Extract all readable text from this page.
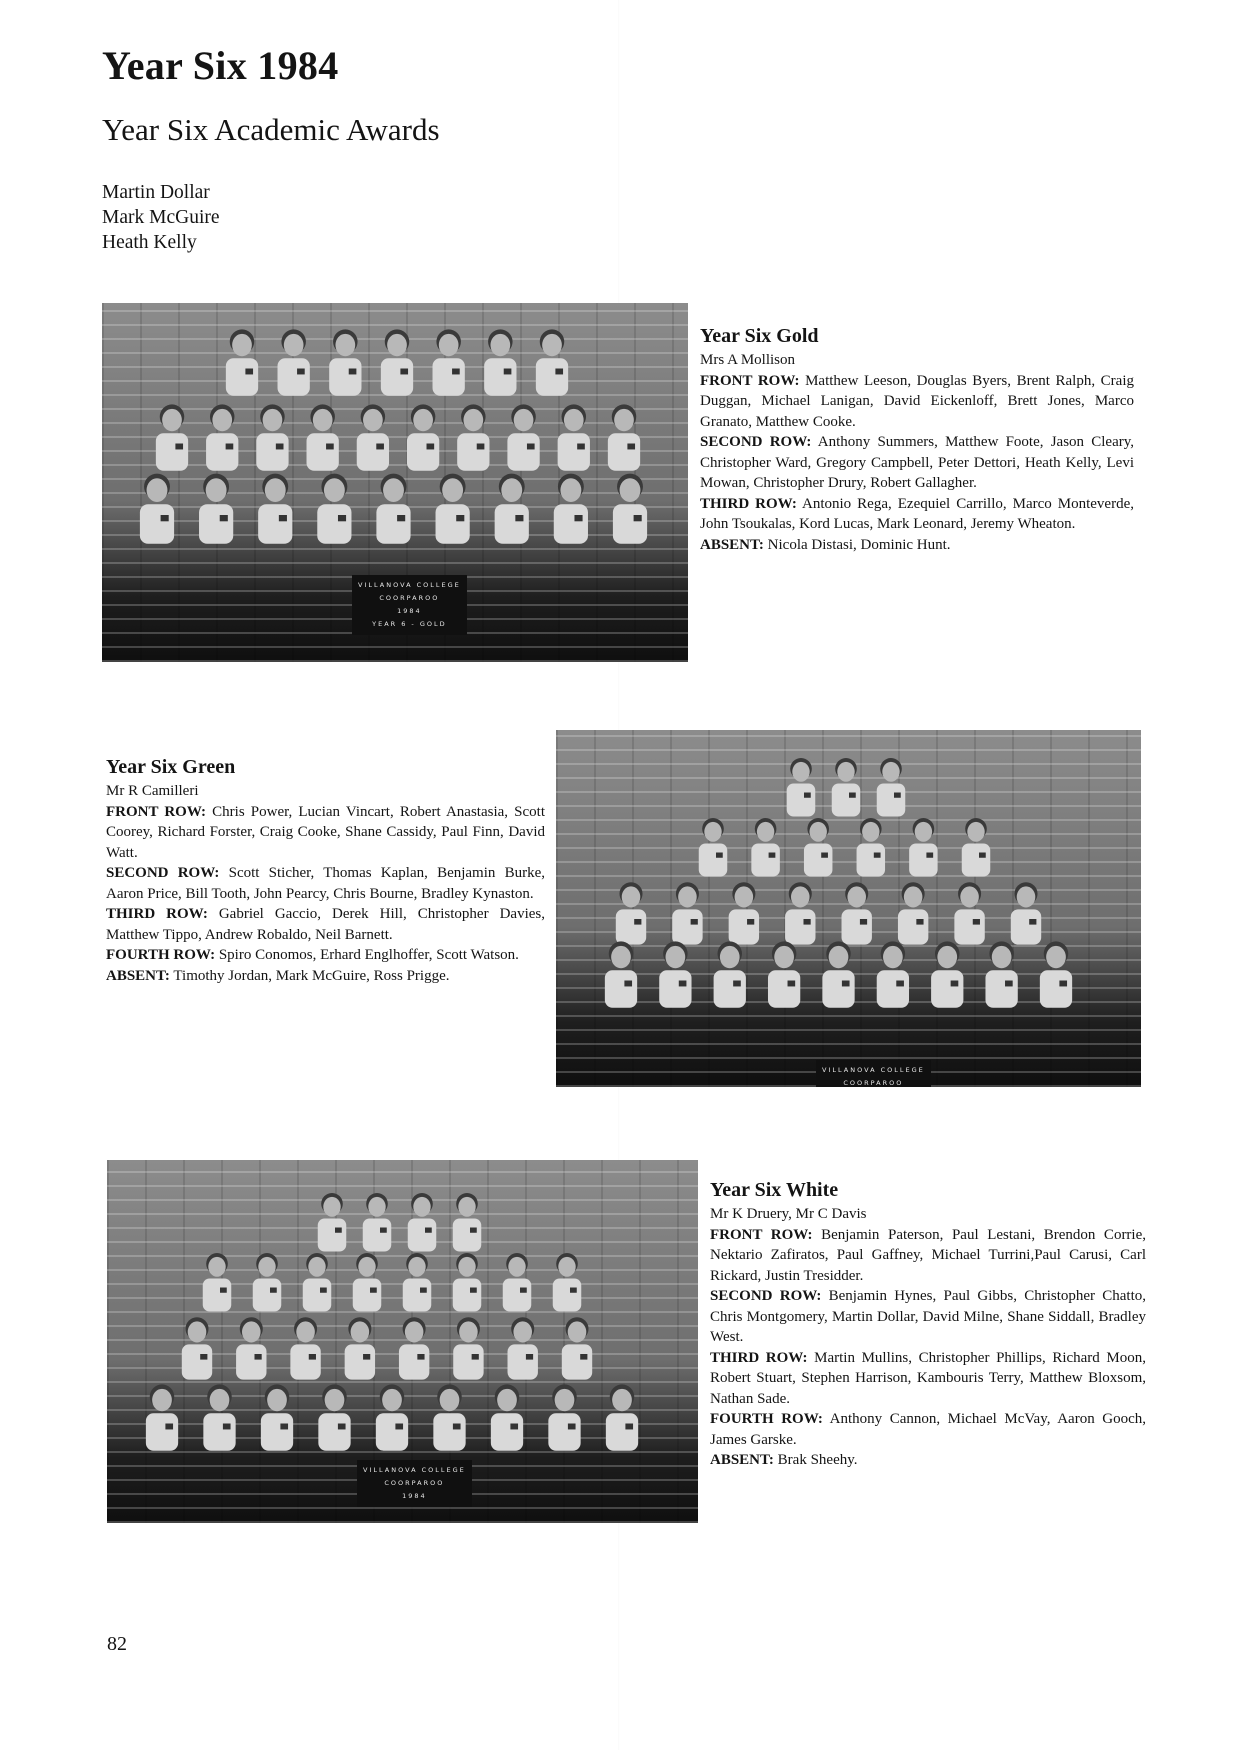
Year Six 1984
Year Six Academic Awards
Martin Dollar
Mark McGuire
Heath Kelly
VILLANOVA COLLEGE
COORPAROO
1984
YEAR 6 - GOLD
Year Six Gold

Mrs A Mollison

FRONT ROW: Matthew Leeson, Douglas Byers, Brent Ralph, Craig Duggan, Michael Lanigan, David Eickenloff, Brett Jones, Marco Granato, Matthew Cooke.

SECOND ROW: Anthony Summers, Matthew Foote, Jason Cleary, Christopher Ward, Gregory Campbell, Peter Dettori, Heath Kelly, Levi Mowan, Christopher Drury, Robert Gallagher.

THIRD ROW: Antonio Rega, Ezequiel Carrillo, Marco Monteverde, John Tsoukalas, Kord Lucas, Mark Leonard, Jeremy Wheaton.

ABSENT: Nicola Distasi, Dominic Hunt.

Year Six Green

Mr R Camilleri

FRONT ROW: Chris Power, Lucian Vincart, Robert Anastasia, Scott Coorey, Richard Forster, Craig Cooke, Shane Cassidy, Paul Finn, David Watt.

SECOND ROW: Scott Sticher, Thomas Kaplan, Benjamin Burke, Aaron Price, Bill Tooth, John Pearcy, Chris Bourne, Bradley Kynaston.

THIRD ROW: Gabriel Gaccio, Derek Hill, Christopher Davies, Matthew Tippo, Andrew Robaldo, Neil Barnett.

FOURTH ROW: Spiro Conomos, Erhard Englhoffer, Scott Watson.

ABSENT: Timothy Jordan, Mark McGuire, Ross Prigge.

VILLANOVA COLLEGE
COORPAROO
VILLANOVA COLLEGE
COORPAROO
1984
Year Six White

Mr K Druery, Mr C Davis

FRONT ROW: Benjamin Paterson, Paul Lestani, Brendon Corrie, Nektario Zafiratos, Paul Gaffney, Michael Turrini,Paul Carusi, Carl Rickard, Justin Tresidder.

SECOND ROW: Benjamin Hynes, Paul Gibbs, Christopher Chatto, Chris Montgomery, Martin Dollar, David Milne, Shane Siddall, Bradley West.

THIRD ROW: Martin Mullins, Christopher Phillips, Richard Moon, Robert Stuart, Stephen Harrison, Kambouris Terry, Matthew Bloxsom, Nathan Sade.

FOURTH ROW: Anthony Cannon, Michael McVay, Aaron Gooch, James Garske.

ABSENT: Brak Sheehy.

82
